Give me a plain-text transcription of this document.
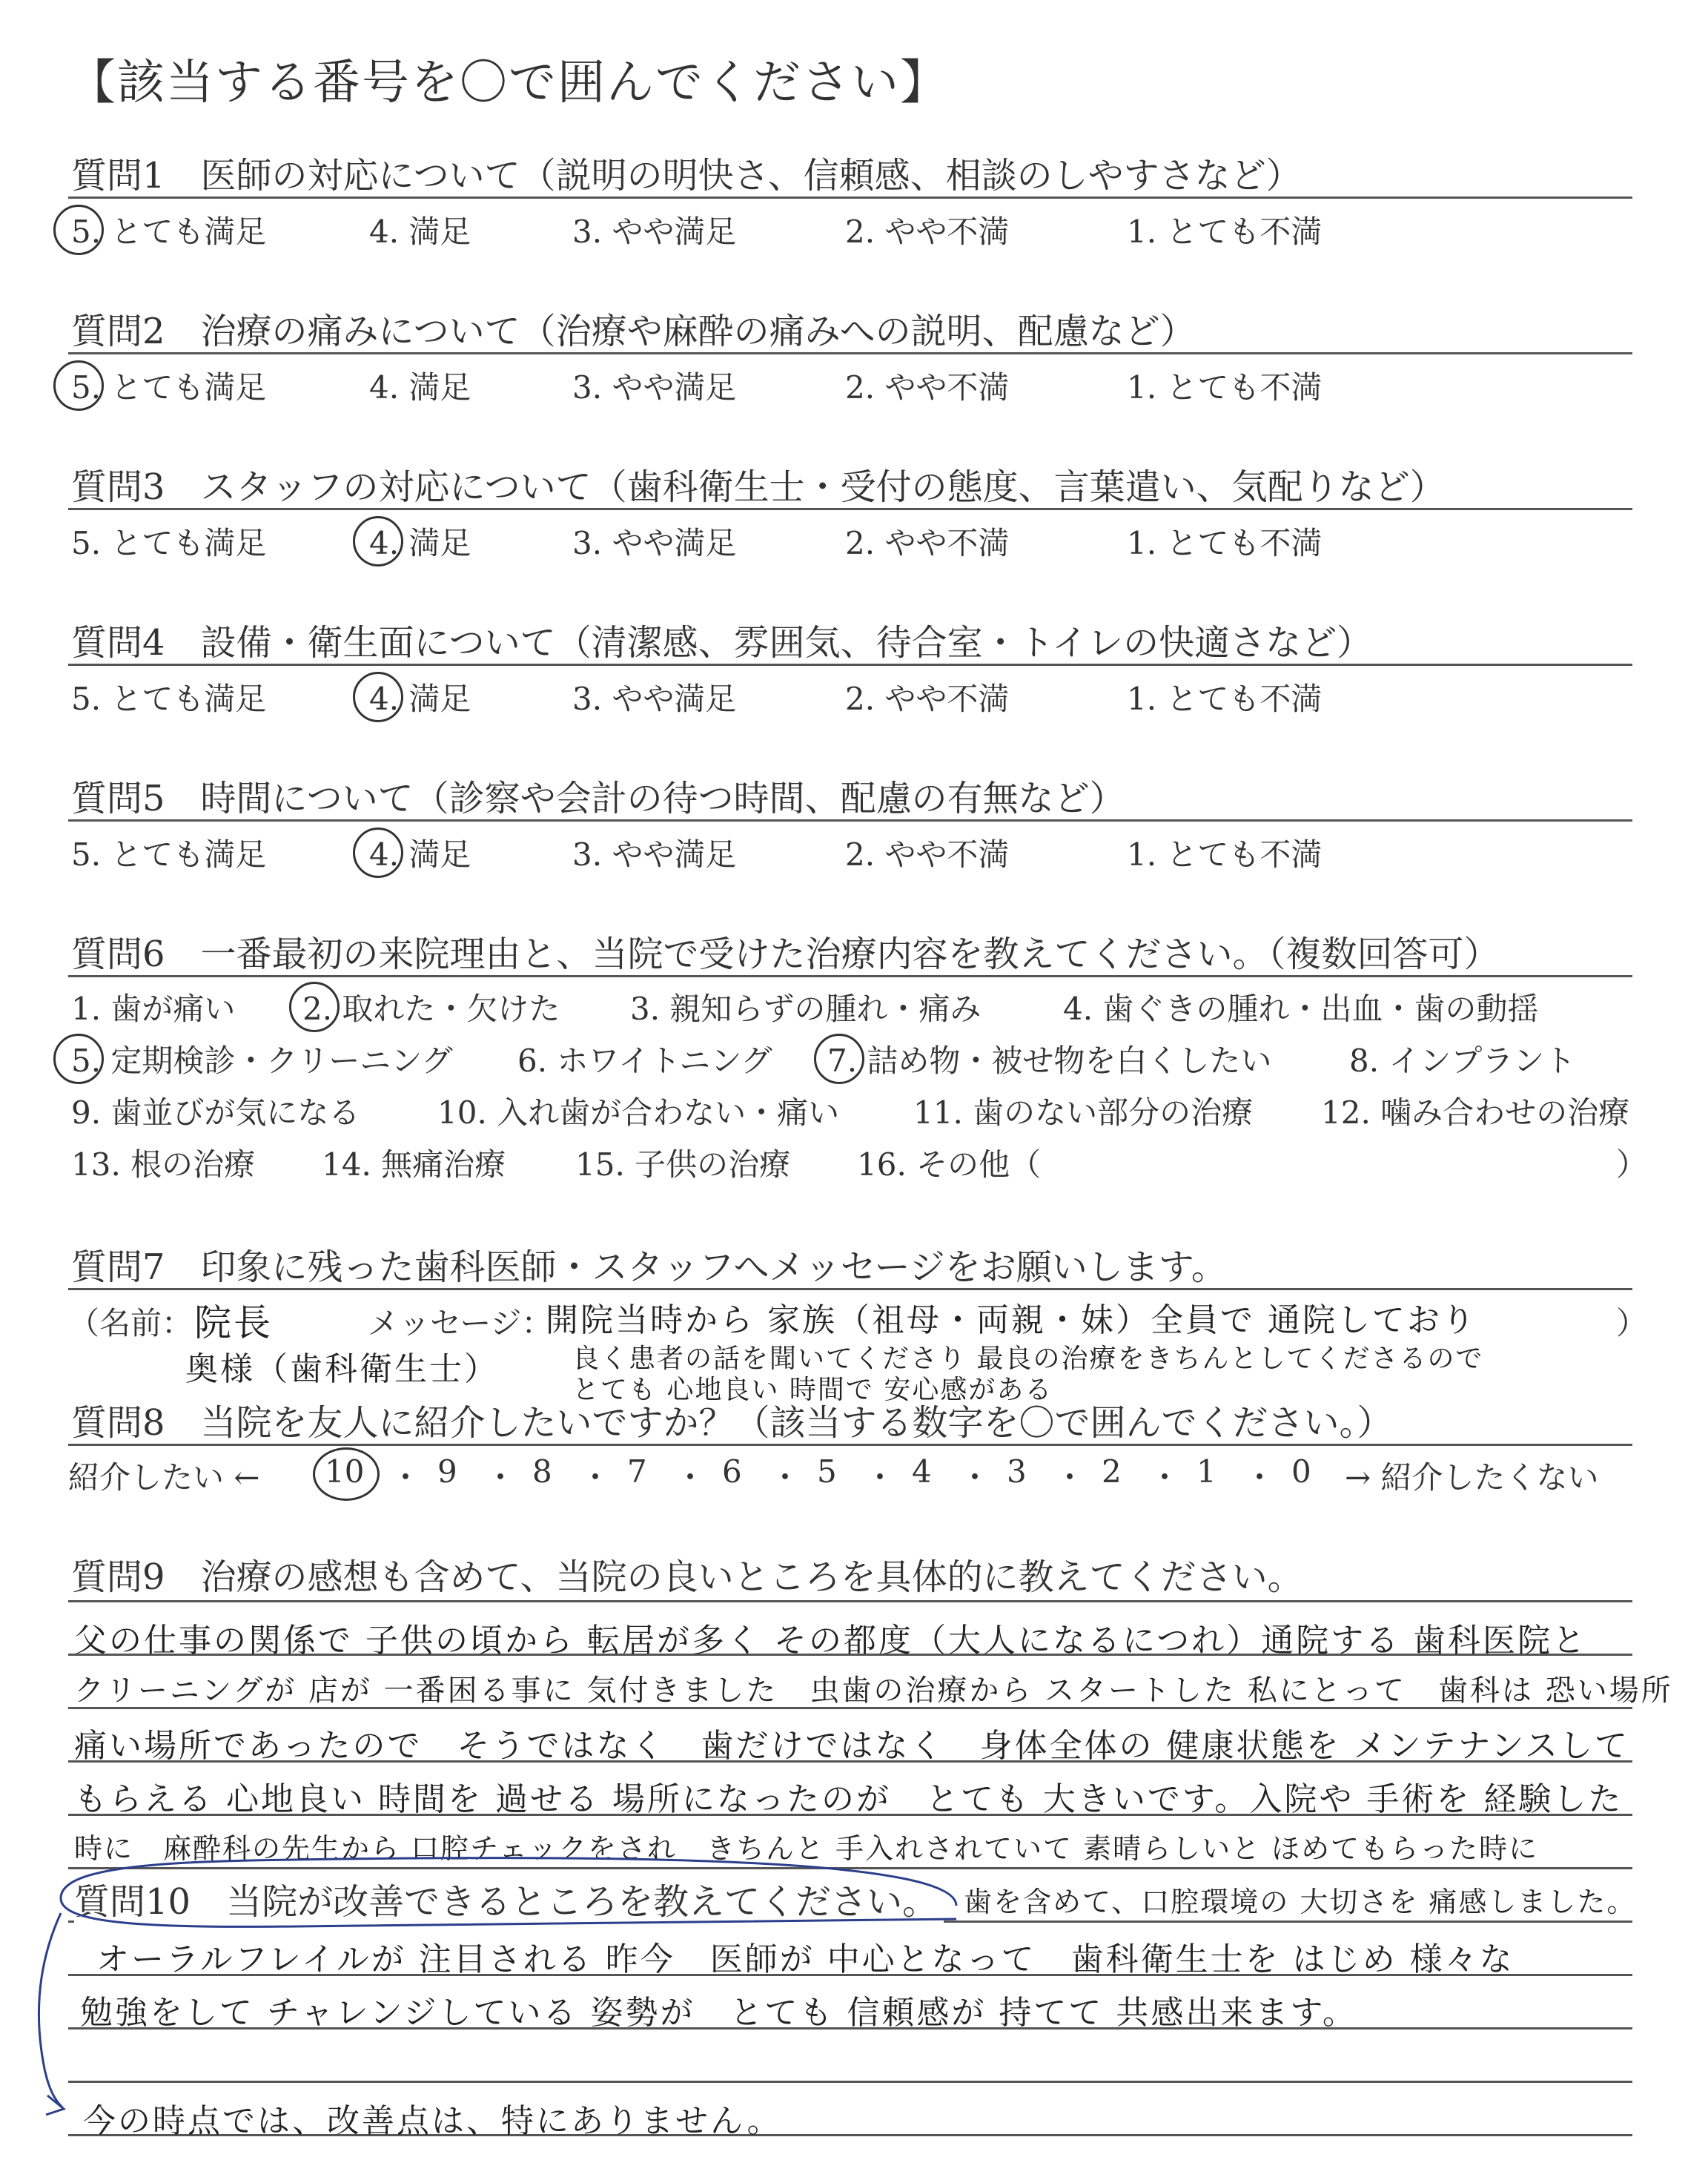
【該当する番号を〇で囲んでください】
質問1　医師の対応について（説明の明快さ、信頼感、相談のしやすさなど）
5. とても満足	4. 満足	3. やや満足	2. やや不満	1. とても不満
質問2　治療の痛みについて（治療や麻酔の痛みへの説明、配慮など）
5. とても満足	4. 満足	3. やや満足	2. やや不満	1. とても不満
質問3　スタッフの対応について（歯科衛生士・受付の態度、言葉遣い、気配りなど）
5. とても満足	4. 満足	3. やや満足	2. やや不満	1. とても不満
質問4　設備・衛生面について（清潔感、雰囲気、待合室・トイレの快適さなど）
5. とても満足	4. 満足	3. やや満足	2. やや不満	1. とても不満
質問5　時間について（診察や会計の待つ時間、配慮の有無など）
5. とても満足	4. 満足	3. やや満足	2. やや不満	1. とても不満
質問6　一番最初の来院理由と、当院で受けた治療内容を教えてください。（複数回答可）
1. 歯が痛い 2. 取れた・欠けた 3. 親知らずの腫れ・痛み	4. 歯ぐきの腫れ・出血・歯の動揺
5. 定期検診・クリーニング 6. ホワイトニング 7. 詰め物・被せ物を白くしたい 8. インプラント
9. 歯並びが気になる 10. 入れ歯が合わない・痛い 11. 歯のない部分の治療 12. 噛み合わせの治療
13. 根の治療 14. 無痛治療 15. 子供の治療 16. その他（	）
質問7　印象に残った歯科医師・スタッフへメッセージをお願いします。
（名前：	メッセージ：	）
院長
奥様（歯科衛生士）
開院当時から 家族（祖母・両親・妹）全員で 通院しており
良く患者の話を聞いてくださり 最良の治療をきちんとしてくださるので
とても 心地良い 時間で 安心感がある
質問8　当院を友人に紹介したいですか？（該当する数字を〇で囲んでください。）
紹介したい ← 10 9 8 7 6 5 4 3 2 1 0
・ ・ ・ ・ ・ ・ ・ ・ ・ ・ → 紹介したくない
質問9　治療の感想も含めて、当院の良いところを具体的に教えてください。
父の仕事の関係で 子供の頃から 転居が多く その都度（大人になるにつれ）通院する 歯科医院と
クリーニングが 店が 一番困る事に 気付きました　虫歯の治療から スタートした 私にとって　歯科は 恐い場所
痛い場所であったので　そうではなく　歯だけではなく　身体全体の 健康状態を メンテナンスして
もらえる 心地良い 時間を 過せる 場所になったのが　とても 大きいです。入院や 手術を 経験した
時に　麻酔科の先生から 口腔チェックをされ　きちんと 手入れされていて 素晴らしいと ほめてもらった時に
歯を含めて、口腔環境の 大切さを 痛感しました。
オーラルフレイルが 注目される 昨今　医師が 中心となって　歯科衛生士を はじめ 様々な
勉強をして チャレンジしている 姿勢が　とても 信頼感が 持てて 共感出来ます。
質問10　当院が改善できるところを教えてください。
今の時点では、改善点は、特にありません。
